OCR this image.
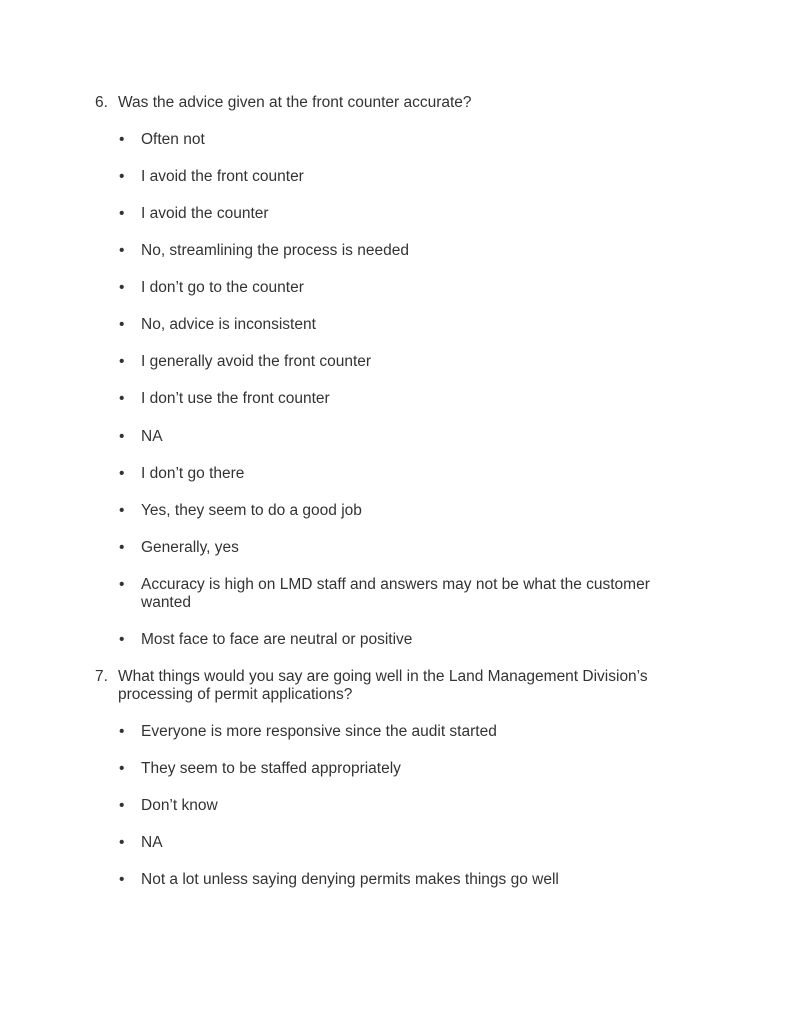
6. Was the advice given at the front counter accurate?
• Often not
• I avoid the front counter
• I avoid the counter
• No, streamlining the process is needed
• I don’t go to the counter
• No, advice is inconsistent
• I generally avoid the front counter
• I don’t use the front counter
• NA
• I don’t go there
• Yes, they seem to do a good job
• Generally, yes
• Accuracy is high on LMD staff and answers may not be what the customer wanted
• Most face to face are neutral or positive
7. What things would you say are going well in the Land Management Division’s processing of permit applications?
• Everyone is more responsive since the audit started
• They seem to be staffed appropriately
• Don’t know
• NA
• Not a lot unless saying denying permits makes things go well
